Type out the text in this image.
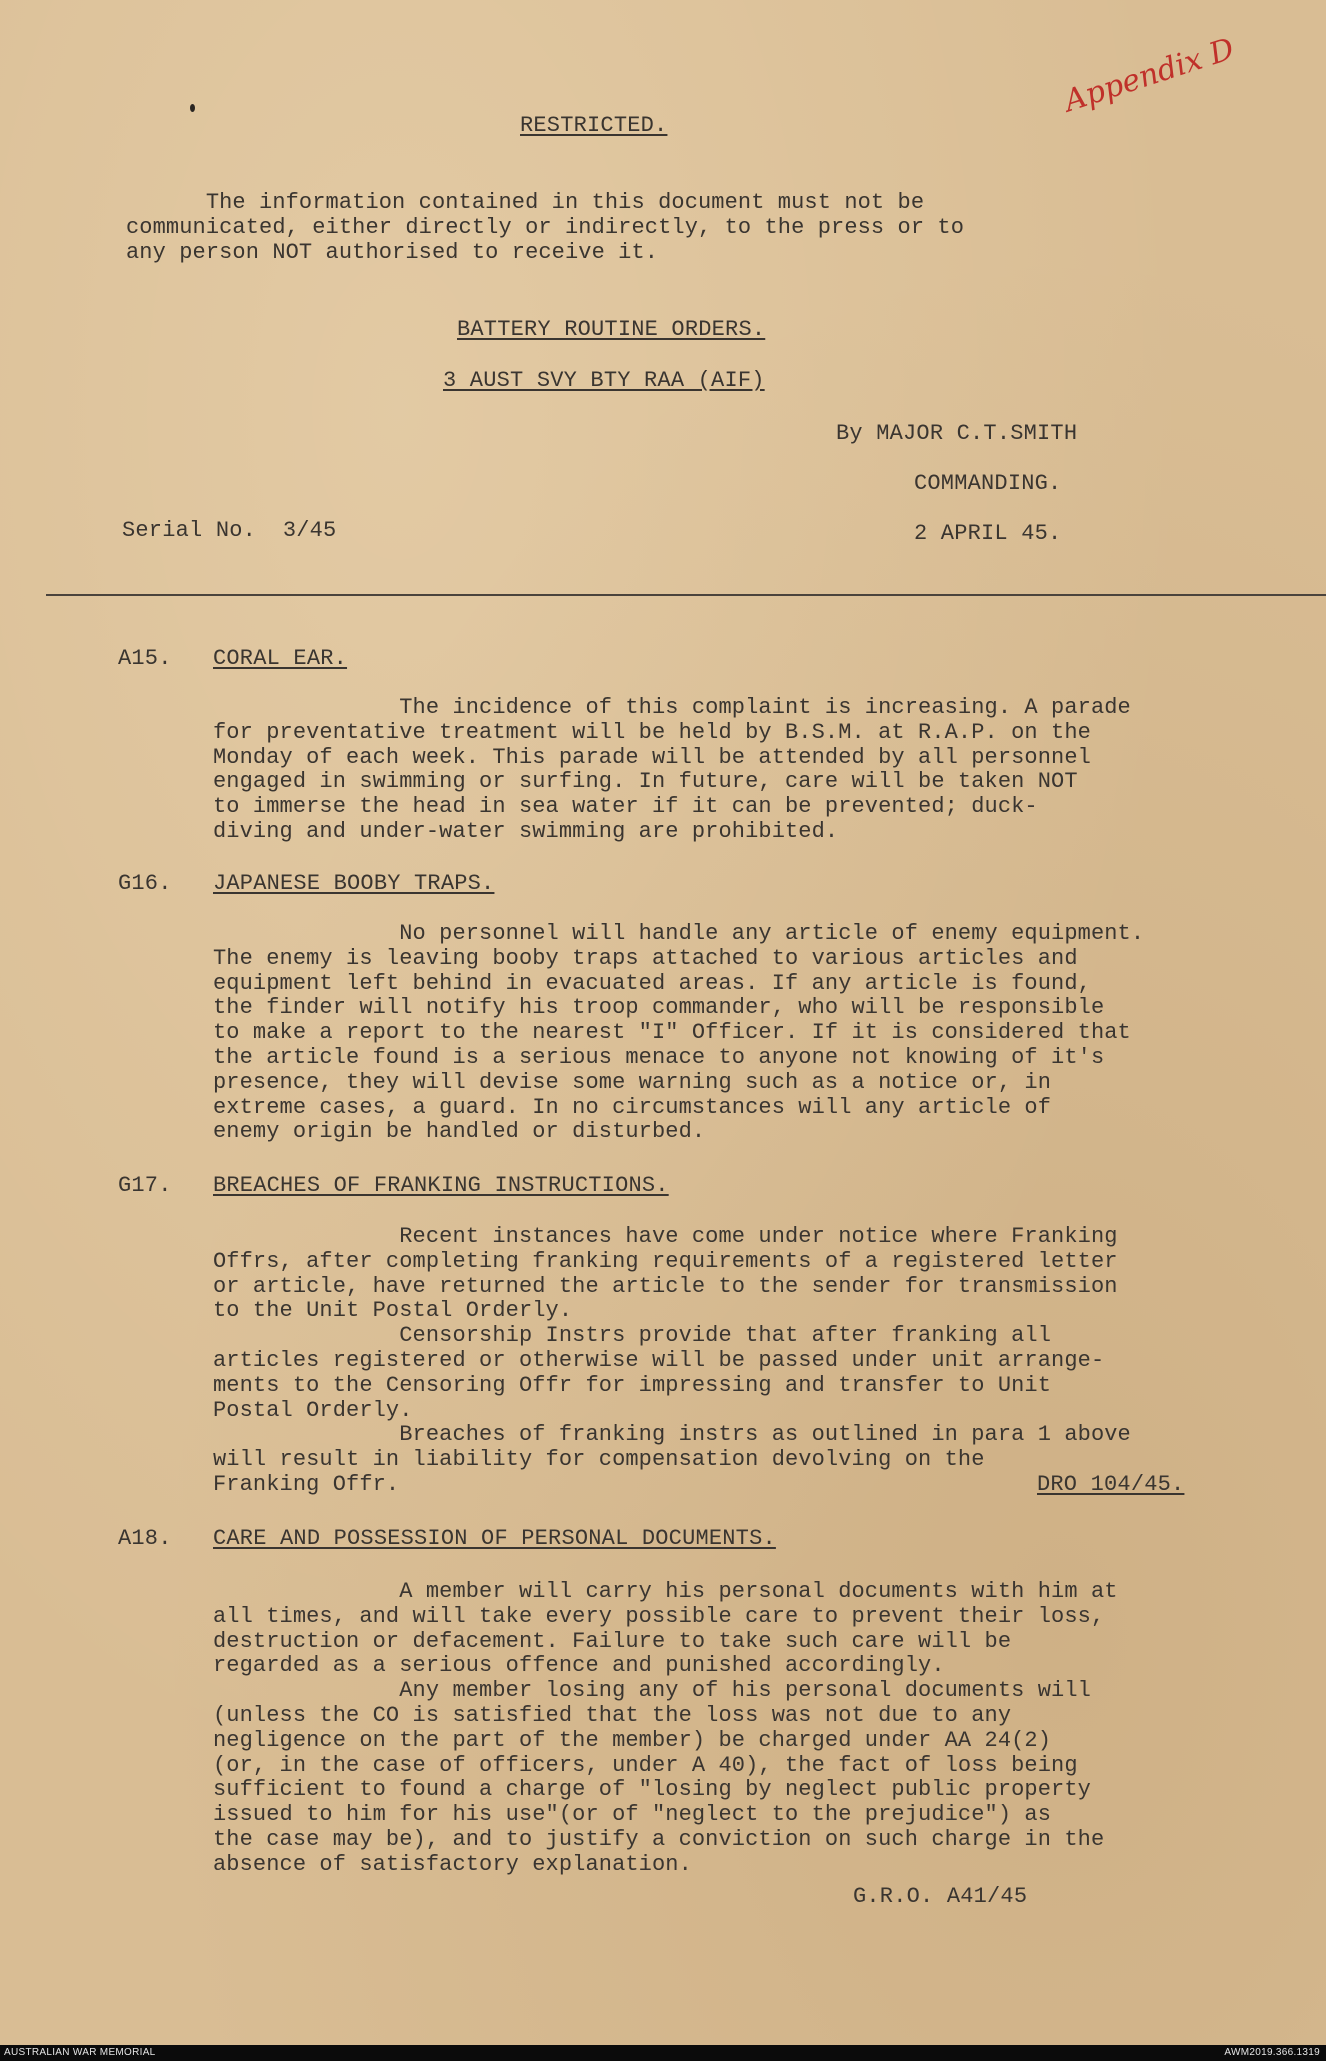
RESTRICTED.
The information contained in this document must not be
communicated, either directly or indirectly, to the press or to
any person NOT authorised to receive it.
BATTERY ROUTINE ORDERS.
3 AUST SVY BTY RAA (AIF)
By MAJOR C.T.SMITH
COMMANDING.
Serial No.  3/45	2 APRIL 45.
Appendix D
A15. CORAL EAR.
The incidence of this complaint is increasing. A parade
for preventative treatment will be held by B.S.M. at R.A.P. on the
Monday of each week. This parade will be attended by all personnel
engaged in swimming or surfing. In future, care will be taken NOT
to immerse the head in sea water if it can be prevented; duck-
diving and under-water swimming are prohibited.
G16. JAPANESE BOOBY TRAPS.
No personnel will handle any article of enemy equipment.
The enemy is leaving booby traps attached to various articles and
equipment left behind in evacuated areas. If any article is found,
the finder will notify his troop commander, who will be responsible
to make a report to the nearest "I" Officer. If it is considered that
the article found is a serious menace to anyone not knowing of it's
presence, they will devise some warning such as a notice or, in
extreme cases, a guard. In no circumstances will any article of
enemy origin be handled or disturbed.
G17. BREACHES OF FRANKING INSTRUCTIONS.
Recent instances have come under notice where Franking
Offrs, after completing franking requirements of a registered letter
or article, have returned the article to the sender for transmission
to the Unit Postal Orderly.
Censorship Instrs provide that after franking all
articles registered or otherwise will be passed under unit arrange-
ments to the Censoring Offr for impressing and transfer to Unit
Postal Orderly.
Breaches of franking instrs as outlined in para 1 above
will result in liability for compensation devolving on the
Franking Offr.	DRO 104/45.
A18. CARE AND POSSESSION OF PERSONAL DOCUMENTS.
A member will carry his personal documents with him at
all times, and will take every possible care to prevent their loss,
destruction or defacement. Failure to take such care will be
regarded as a serious offence and punished accordingly.
Any member losing any of his personal documents will
(unless the CO is satisfied that the loss was not due to any
negligence on the part of the member) be charged under AA 24(2)
(or, in the case of officers, under A 40), the fact of loss being
sufficient to found a charge of "losing by neglect public property
issued to him for his use"(or of "neglect to the prejudice") as
the case may be), and to justify a conviction on such charge in the
absence of satisfactory explanation.
G.R.O. A41/45
AUSTRALIAN WAR MEMORIAL	AWM2019.366.1319
